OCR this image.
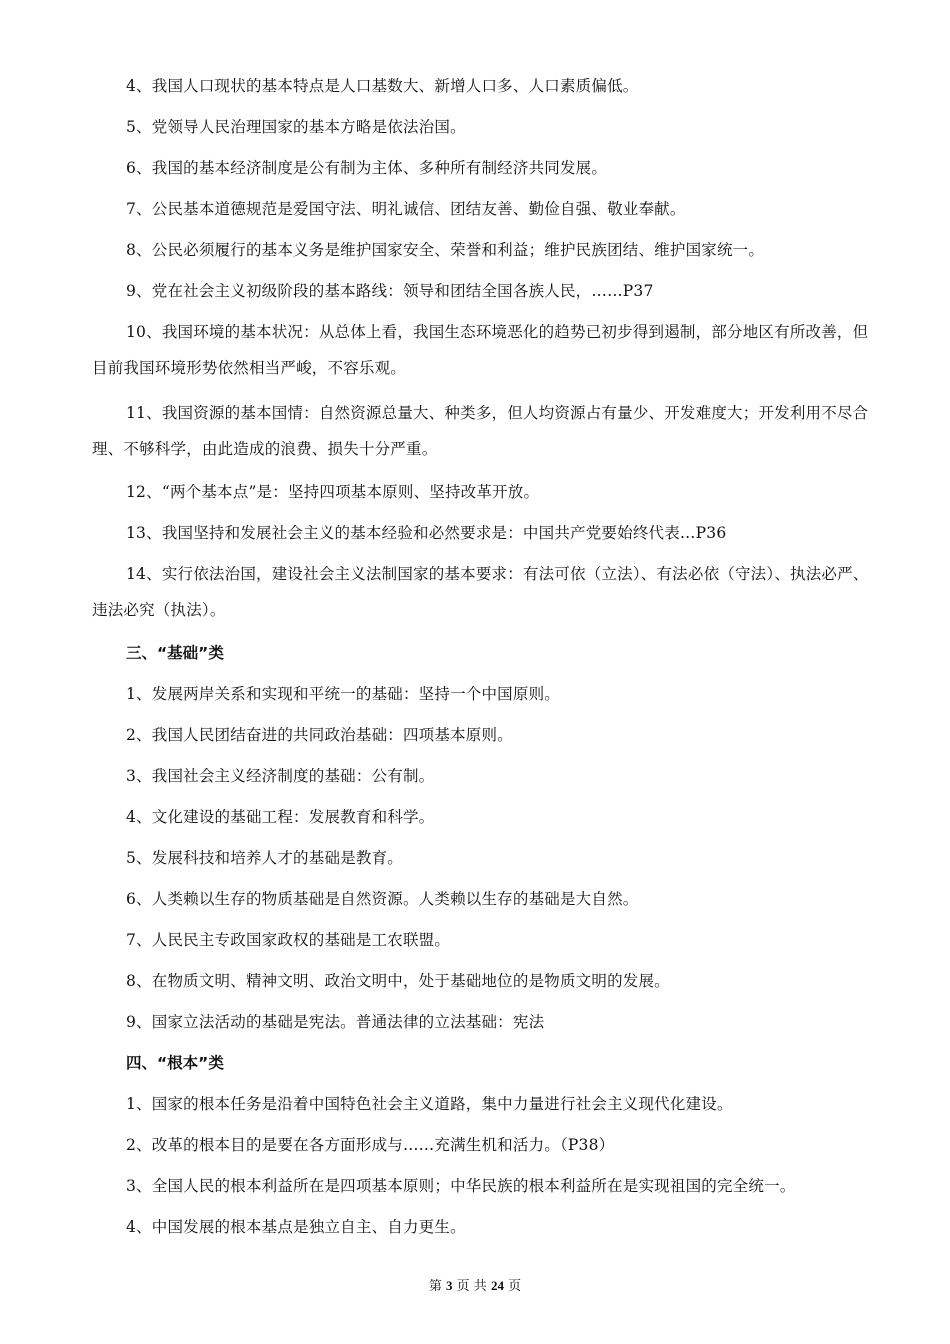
4、我国人口现状的基本特点是人口基数大、新增人口多、人口素质偏低。

5、党领导人民治理国家的基本方略是依法治国。

6、我国的基本经济制度是公有制为主体、多种所有制经济共同发展。

7、公民基本道德规范是爱国守法、明礼诚信、团结友善、勤俭自强、敬业奉献。

8、公民必须履行的基本义务是维护国家安全、荣誉和利益；维护民族团结、维护国家统一。

9、党在社会主义初级阶段的基本路线：领导和团结全国各族人民，……P37

10、我国环境的基本状况：从总体上看，我国生态环境恶化的趋势已初步得到遏制，部分地区有所改善，但目前我国环境形势依然相当严峻，不容乐观。

11、我国资源的基本国情：自然资源总量大、种类多，但人均资源占有量少、开发难度大；开发利用不尽合理、不够科学，由此造成的浪费、损失十分严重。

12、“两个基本点”是：坚持四项基本原则、坚持改革开放。

13、我国坚持和发展社会主义的基本经验和必然要求是：中国共产党要始终代表…P36

14、实行依法治国，建设社会主义法制国家的基本要求：有法可依（立法）、有法必依（守法）、执法必严、违法必究（执法）。

三、“基础”类

1、发展两岸关系和实现和平统一的基础：坚持一个中国原则。

2、我国人民团结奋进的共同政治基础：四项基本原则。

3、我国社会主义经济制度的基础：公有制。

4、文化建设的基础工程：发展教育和科学。

5、发展科技和培养人才的基础是教育。

6、人类赖以生存的物质基础是自然资源。人类赖以生存的基础是大自然。

7、人民民主专政国家政权的基础是工农联盟。

8、在物质文明、精神文明、政治文明中，处于基础地位的是物质文明的发展。

9、国家立法活动的基础是宪法。普通法律的立法基础：宪法

四、“根本”类

1、国家的根本任务是沿着中国特色社会主义道路，集中力量进行社会主义现代化建设。

2、改革的根本目的是要在各方面形成与……充满生机和活力。（P38）

3、全国人民的根本利益所在是四项基本原则；中华民族的根本利益所在是实现祖国的完全统一。

4、中国发展的根本基点是独立自主、自力更生。

第 3 页 共 24 页
